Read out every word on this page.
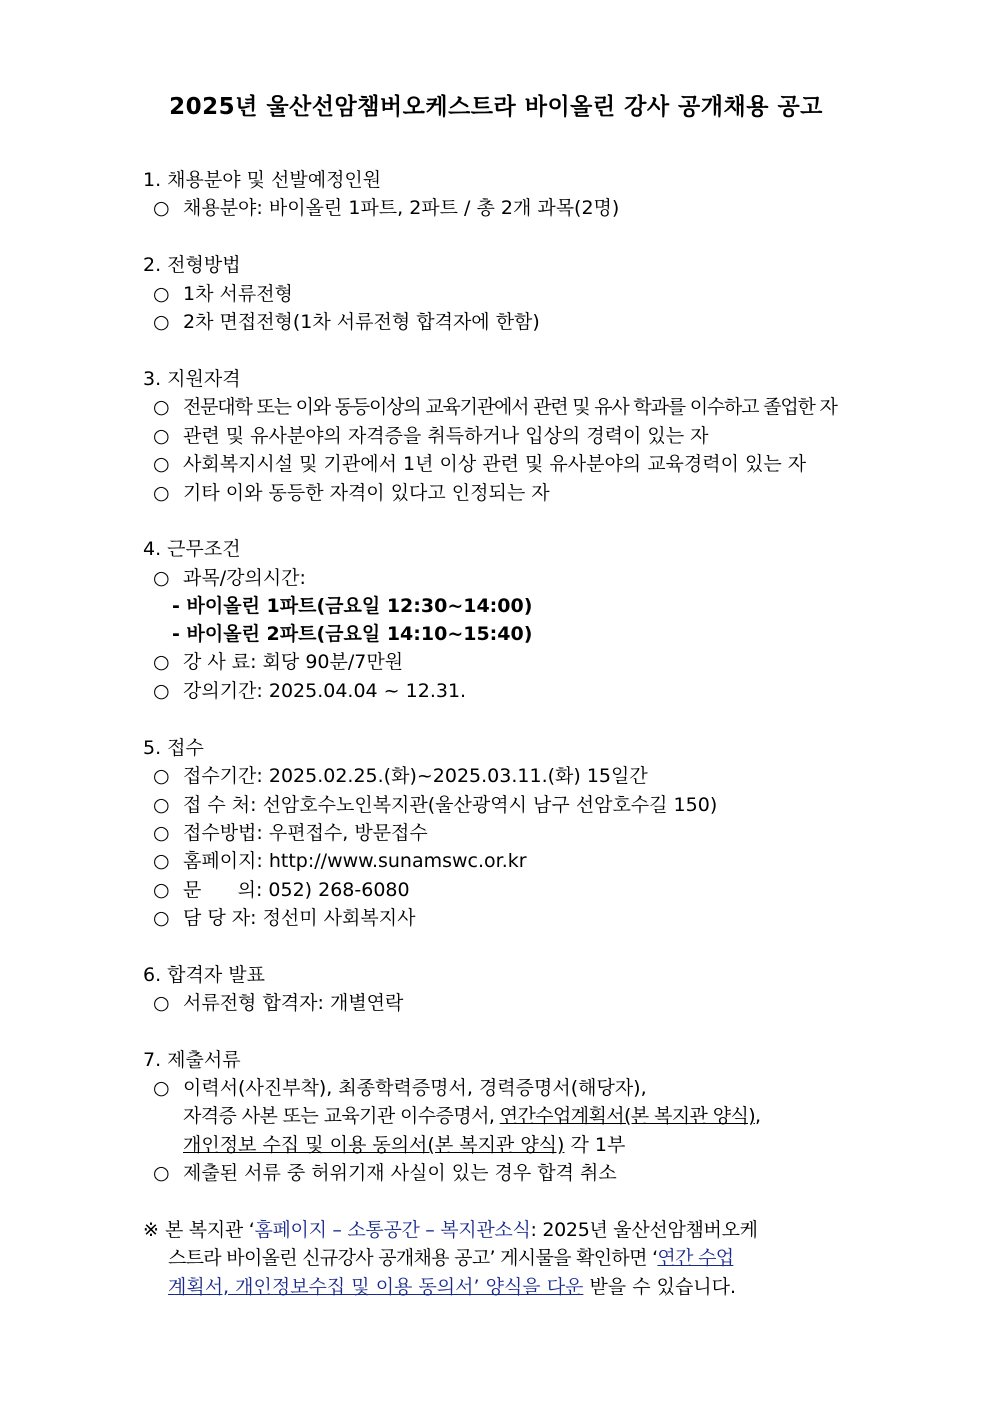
2025년 울산선암챔버오케스트라 바이올린 강사 공개채용 공고
1. 채용분야 및 선발예정인원
○ 채용분야: 바이올린 1파트, 2파트 / 총 2개 과목(2명)
2. 전형방법
○ 1차 서류전형
○ 2차 면접전형(1차 서류전형 합격자에 한함)
3. 지원자격
○ 전문대학 또는 이와 동등이상의 교육기관에서 관련 및 유사 학과를 이수하고 졸업한 자
○ 관련 및 유사분야의 자격증을 취득하거나 입상의 경력이 있는 자
○ 사회복지시설 및 기관에서 1년 이상 관련 및 유사분야의 교육경력이 있는 자
○ 기타 이와 동등한 자격이 있다고 인정되는 자
4. 근무조건
○ 과목/강의시간:
- 바이올린 1파트(금요일 12:30~14:00)
- 바이올린 2파트(금요일 14:10~15:40)
○ 강 사 료: 회당 90분/7만원
○ 강의기간: 2025.04.04 ~ 12.31.
5. 접수
○ 접수기간: 2025.02.25.(화)~2025.03.11.(화) 15일간
○ 접 수 처: 선암호수노인복지관(울산광역시 남구 선암호수길 150)
○ 접수방법: 우편접수, 방문접수
○ 홈페이지: http://www.sunamswc.or.kr
○ 문      의: 052) 268-6080
○ 담 당 자: 정선미 사회복지사
6. 합격자 발표
○ 서류전형 합격자: 개별연락
7. 제출서류
○ 이력서(사진부착), 최종학력증명서, 경력증명서(해당자),
자격증 사본 또는 교육기관 이수증명서, 연간수업계획서(본 복지관 양식),
개인정보 수집 및 이용 동의서(본 복지관 양식) 각 1부
○ 제출된 서류 중 허위기재 사실이 있는 경우 합격 취소
※ 본 복지관 ‘홈페이지 – 소통공간 – 복지관소식: 2025년 울산선암챔버오케
스트라 바이올린 신규강사 공개채용 공고’ 게시물을 확인하면 ‘연간 수업
계획서, 개인정보수집 및 이용 동의서’ 양식을 다운 받을 수 있습니다.
